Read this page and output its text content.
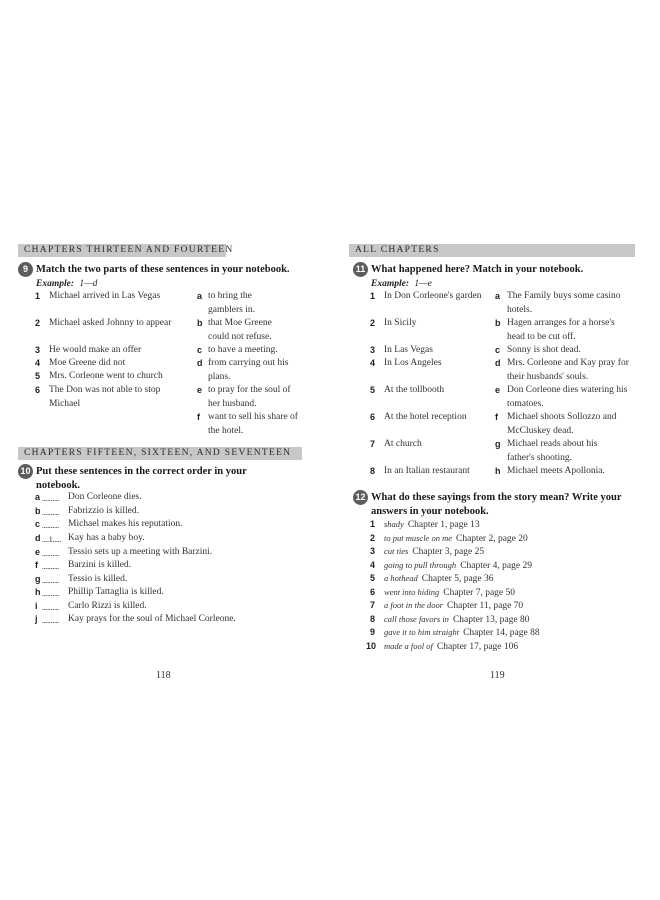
CHAPTERS THIRTEEN AND FOURTEEN
9 Match the two parts of these sentences in your notebook.
Example: 1—d
1 Michael arrived in Las Vegas
2 Michael asked Johnny to appear
3 He would make an offer
4 Moe Greene did not
5 Mrs. Corleone went to church
6 The Don was not able to stop Michael
a to bring the gamblers in.
b that Moe Greene could not refuse.
c to have a meeting.
d from carrying out his plans.
e to pray for the soul of her husband.
f want to sell his share of the hotel.
CHAPTERS FIFTEEN, SIXTEEN, AND SEVENTEEN
10 Put these sentences in the correct order in your notebook.
a .......... Don Corleone dies.
b .......... Fabrizzio is killed.
c .......... Michael makes his reputation.
d ....1..... Kay has a baby boy.
e .......... Tessio sets up a meeting with Barzini.
f .......... Barzini is killed.
g .......... Tessio is killed.
h .......... Phillip Tattaglia is killed.
i .......... Carlo Rizzi is killed.
j .......... Kay prays for the soul of Michael Corleone.
118
ALL CHAPTERS
11 What happened here? Match in your notebook.
Example: 1—e
1 In Don Corleone's garden
2 In Sicily
3 In Las Vegas
4 In Los Angeles
5 At the tollbooth
6 At the hotel reception
7 At church
8 In an Italian restaurant
a The Family buys some casino hotels.
b Hagen arranges for a horse's head to be cut off.
c Sonny is shot dead.
d Mrs. Corleone and Kay pray for their husbands' souls.
e Don Corleone dies watering his tomatoes.
f Michael shoots Sollozzo and McCluskey dead.
g Michael reads about his father's shooting.
h Michael meets Apollonia.
12 What do these sayings from the story mean? Write your answers in your notebook.
1 shady Chapter 1, page 13
2 to put muscle on me Chapter 2, page 20
3 cut ties Chapter 3, page 25
4 going to pull through Chapter 4, page 29
5 a hothead Chapter 5, page 36
6 went into hiding Chapter 7, page 50
7 a foot in the door Chapter 11, page 70
8 call those favors in Chapter 13, page 80
9 gave it to him straight Chapter 14, page 88
10 made a fool of Chapter 17, page 106
119
